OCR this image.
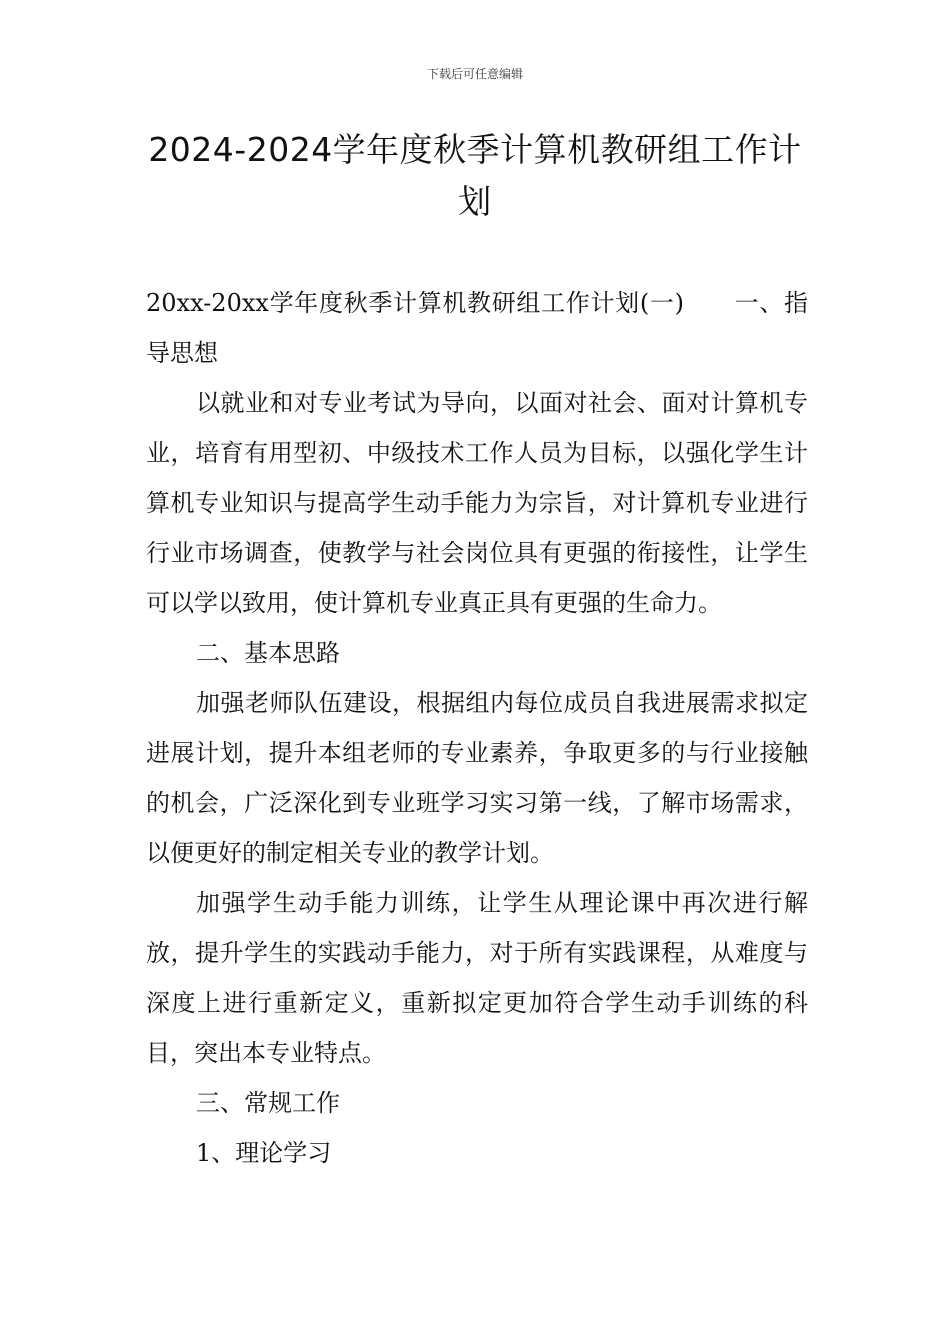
下载后可任意编辑
2024-2024学年度秋季计算机教研组工作计划

20xx-20xx学年度秋季计算机教研组工作计划(一) 一、指导思想

以就业和对专业考试为导向，以面对社会、面对计算机专业，培育有用型初、中级技术工作人员为目标，以强化学生计算机专业知识与提高学生动手能力为宗旨，对计算机专业进行行业市场调查，使教学与社会岗位具有更强的衔接性，让学生可以学以致用，使计算机专业真正具有更强的生命力。

二、基本思路

加强老师队伍建设，根据组内每位成员自我进展需求拟定进展计划，提升本组老师的专业素养，争取更多的与行业接触的机会，广泛深化到专业班学习实习第一线，了解市场需求，以便更好的制定相关专业的教学计划。

加强学生动手能力训练，让学生从理论课中再次进行解放，提升学生的实践动手能力，对于所有实践课程，从难度与深度上进行重新定义，重新拟定更加符合学生动手训练的科目，突出本专业特点。

三、常规工作

1、理论学习
